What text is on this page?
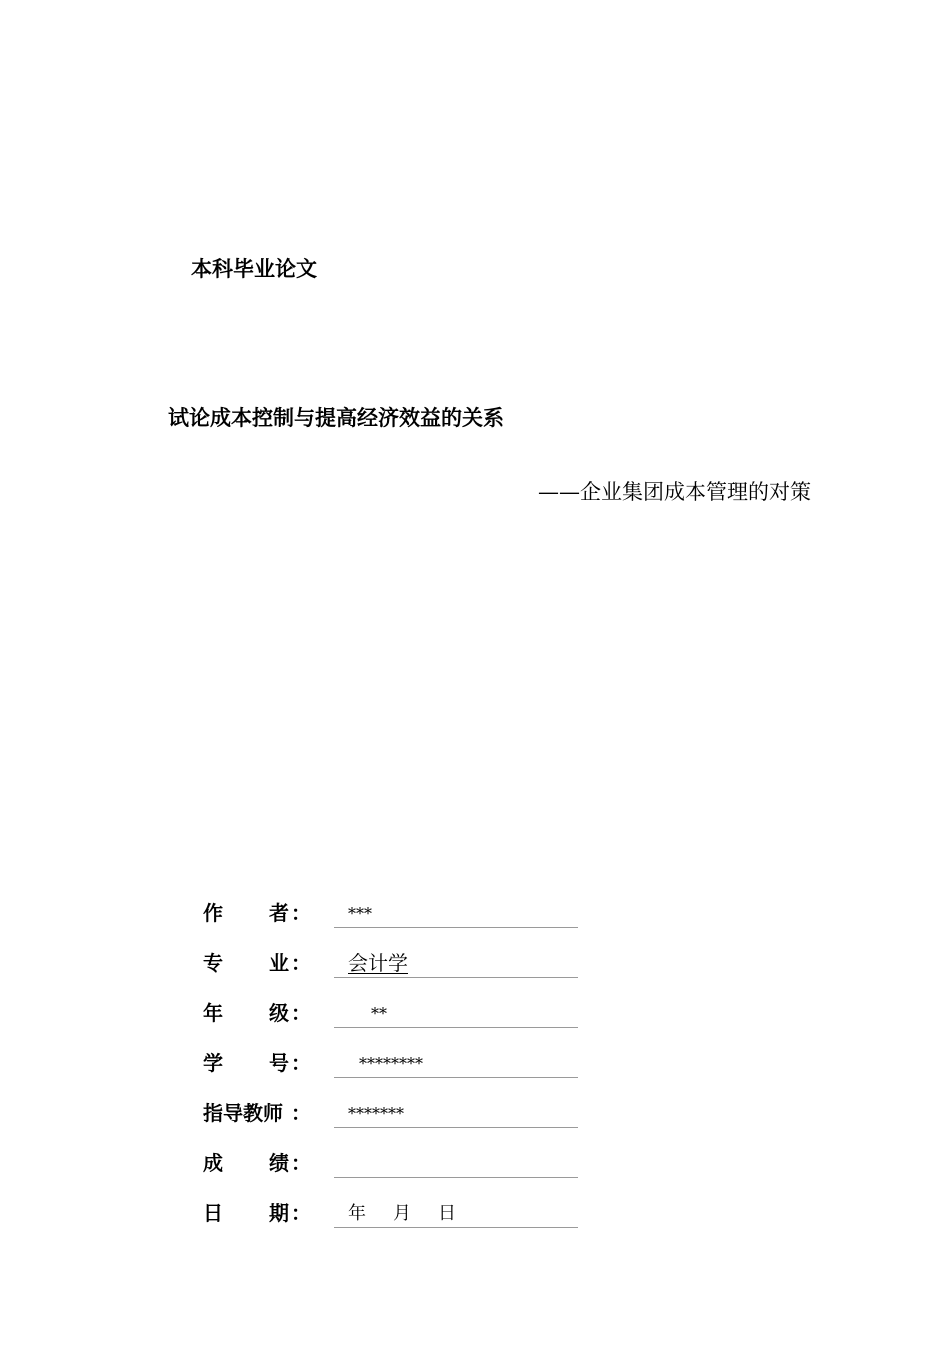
本科毕业论文
试论成本控制与提高经济效益的关系
——企业集团成本管理的对策
作 者 ：

***

专 业 ：

会计学

年 级 ：

	**

学 号 ：

	********

指导教师 ：

*******

成 绩 ：

日 期 ：

年

月

日
